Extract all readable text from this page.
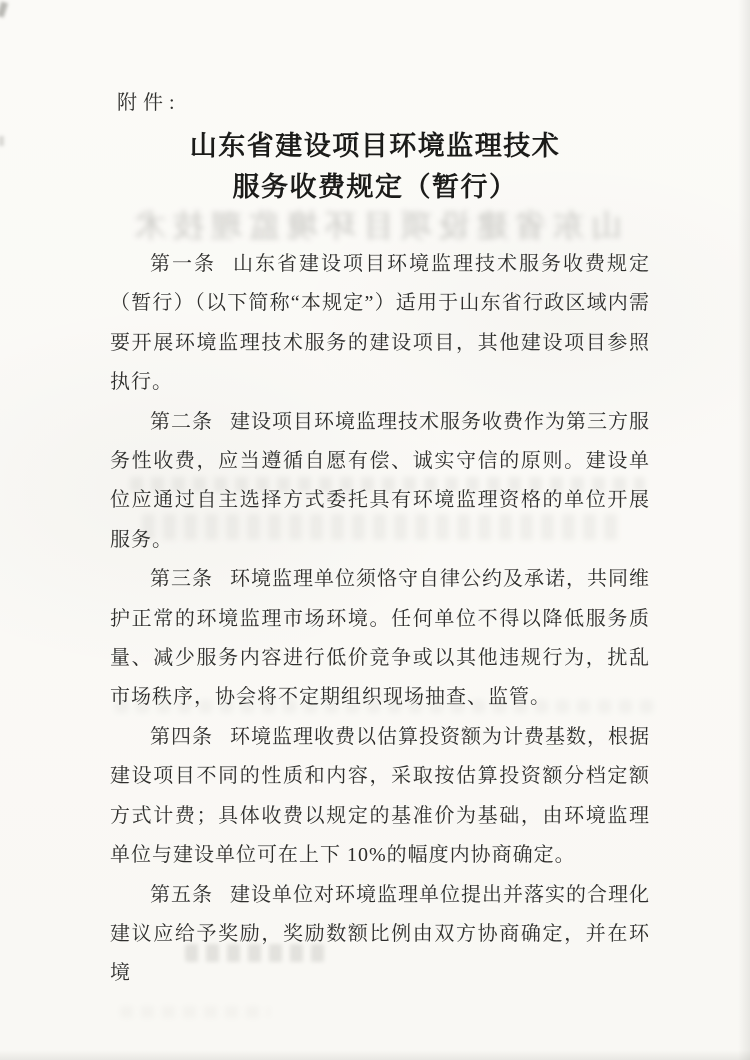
附件:
山东省建设项目环境监理技术
服务收费规定（暂行）
山东省建设项目环境监理技术

第一条 山东省建设项目环境监理技术服务收费规定（暂行）（以下简称“本规定”）适用于山东省行政区域内需要开展环境监理技术服务的建设项目，其他建设项目参照执行。

第二条 建设项目环境监理技术服务收费作为第三方服务性收费，应当遵循自愿有偿、诚实守信的原则。建设单位应通过自主选择方式委托具有环境监理资格的单位开展服务。

第三条 环境监理单位须恪守自律公约及承诺，共同维护正常的环境监理市场环境。任何单位不得以降低服务质量、减少服务内容进行低价竞争或以其他违规行为，扰乱市场秩序，协会将不定期组织现场抽查、监管。

第四条 环境监理收费以估算投资额为计费基数，根据建设项目不同的性质和内容，采取按估算投资额分档定额方式计费；具体收费以规定的基准价为基础，由环境监理单位与建设单位可在上下 10%的幅度内协商确定。

第五条 建设单位对环境监理单位提出并落实的合理化建议应给予奖励，奖励数额比例由双方协商确定，并在环境
